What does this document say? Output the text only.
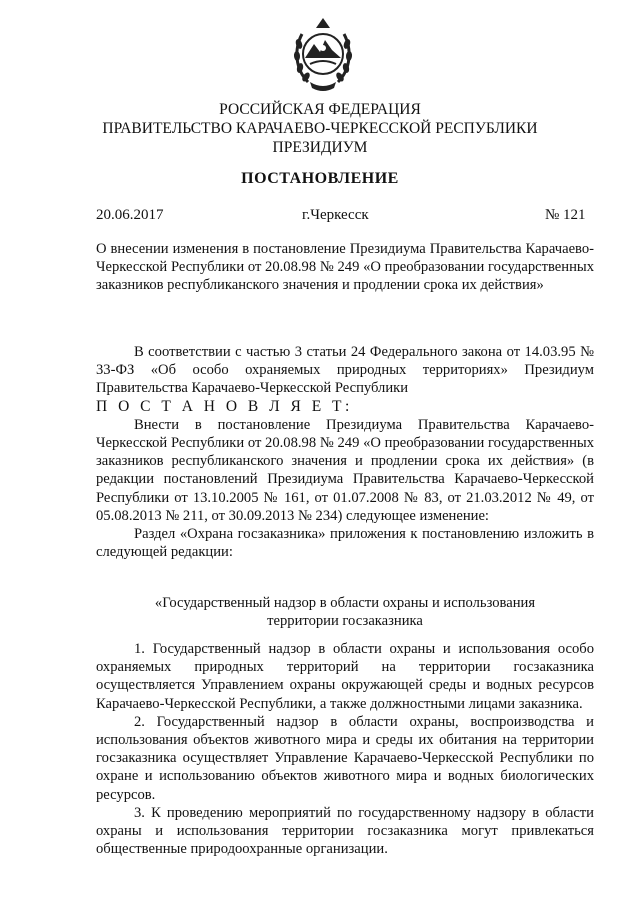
РОССИЙСКАЯ ФЕДЕРАЦИЯ
ПРАВИТЕЛЬСТВО КАРАЧАЕВО-ЧЕРКЕССКОЙ РЕСПУБЛИКИ
ПРЕЗИДИУМ
ПОСТАНОВЛЕНИЕ
20.06.2017	г.Черкесск	№ 121

О внесении изменения в постановление Президиума Правительства Карачаево-Черкесской Республики от 20.08.98 № 249 «О преобразовании государственных заказников республиканского значения и продлении срока их действия»

В соответствии с частью 3 статьи 24 Федерального закона от 14.03.95 № 33-ФЗ «Об особо охраняемых природных территориях» Президиум Правительства Карачаево-Черкесской Республики

П О С Т А Н О В Л Я Е Т:

Внести в постановление Президиума Правительства Карачаево-Черкесской Республики от 20.08.98 № 249 «О преобразовании государственных заказников республиканского значения и продлении срока их действия» (в редакции постановлений Президиума Правительства Карачаево-Черкесской Республики от 13.10.2005 № 161, от 01.07.2008 № 83, от 21.03.2012 № 49, от 05.08.2013 № 211, от 30.09.2013 № 234) следующее изменение:

Раздел «Охрана госзаказника» приложения к постановлению изложить в следующей редакции:

«Государственный надзор в области охраны и использования

территории госзаказника

1. Государственный надзор в области охраны и использования особо охраняемых природных территорий на территории госзаказника осуществляется Управлением охраны окружающей среды и водных ресурсов Карачаево-Черкесской Республики, а также должностными лицами заказника.

2. Государственный надзор в области охраны, воспроизводства и использования объектов животного мира и среды их обитания на территории госзаказника осуществляет Управление Карачаево-Черкесской Республики по охране и использованию объектов животного мира и водных биологических ресурсов.

3. К проведению мероприятий по государственному надзору в области охраны и использования территории госзаказника могут привлекаться общественные природоохранные организации.
